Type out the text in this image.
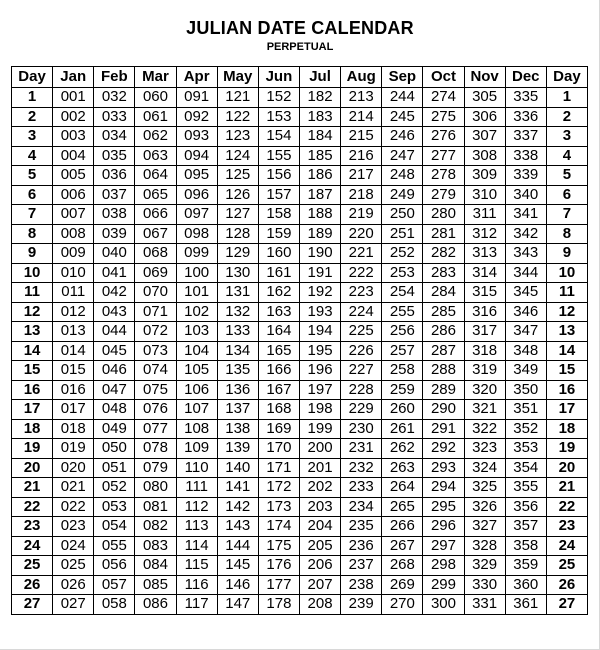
JULIAN DATE CALENDAR
PERPETUAL
Day	Jan	Feb	Mar	Apr	May	Jun	Jul	Aug	Sep	Oct	Nov	Dec	Day
1	001	032	060	091	121	152	182	213	244	274	305	335	1
2	002	033	061	092	122	153	183	214	245	275	306	336	2
3	003	034	062	093	123	154	184	215	246	276	307	337	3
4	004	035	063	094	124	155	185	216	247	277	308	338	4
5	005	036	064	095	125	156	186	217	248	278	309	339	5
6	006	037	065	096	126	157	187	218	249	279	310	340	6
7	007	038	066	097	127	158	188	219	250	280	311	341	7
8	008	039	067	098	128	159	189	220	251	281	312	342	8
9	009	040	068	099	129	160	190	221	252	282	313	343	9
10	010	041	069	100	130	161	191	222	253	283	314	344	10
11	011	042	070	101	131	162	192	223	254	284	315	345	11
12	012	043	071	102	132	163	193	224	255	285	316	346	12
13	013	044	072	103	133	164	194	225	256	286	317	347	13
14	014	045	073	104	134	165	195	226	257	287	318	348	14
15	015	046	074	105	135	166	196	227	258	288	319	349	15
16	016	047	075	106	136	167	197	228	259	289	320	350	16
17	017	048	076	107	137	168	198	229	260	290	321	351	17
18	018	049	077	108	138	169	199	230	261	291	322	352	18
19	019	050	078	109	139	170	200	231	262	292	323	353	19
20	020	051	079	110	140	171	201	232	263	293	324	354	20
21	021	052	080	111	141	172	202	233	264	294	325	355	21
22	022	053	081	112	142	173	203	234	265	295	326	356	22
23	023	054	082	113	143	174	204	235	266	296	327	357	23
24	024	055	083	114	144	175	205	236	267	297	328	358	24
25	025	056	084	115	145	176	206	237	268	298	329	359	25
26	026	057	085	116	146	177	207	238	269	299	330	360	26
27	027	058	086	117	147	178	208	239	270	300	331	361	27
